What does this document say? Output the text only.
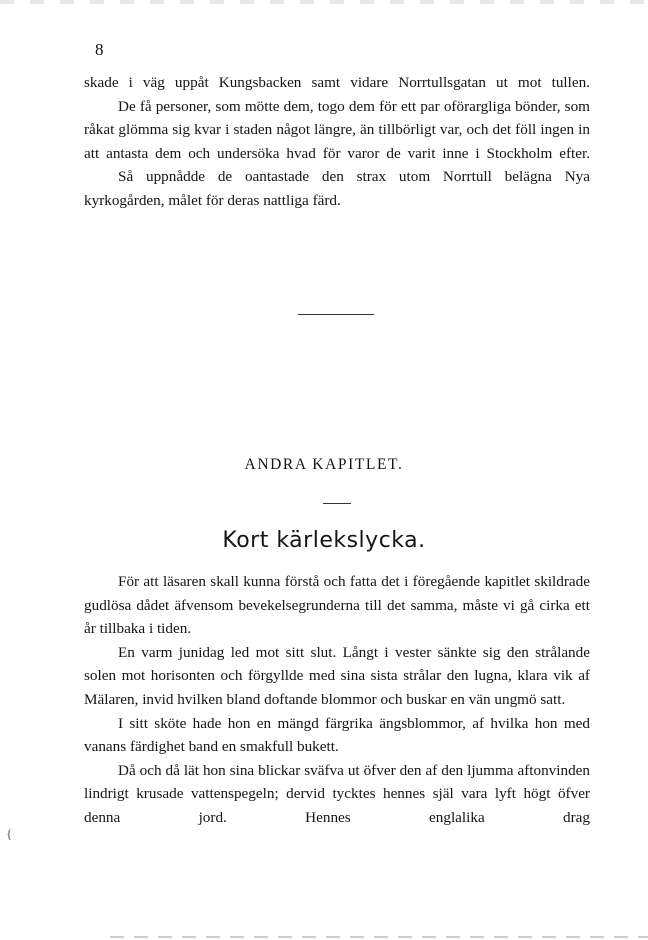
8

skade i väg uppåt Kungsbacken samt vidare Norrtullsgatan ut mot tullen.

De få personer, som mötte dem, togo dem för ett par oförargliga bönder, som råkat glömma sig kvar i staden något längre, än tillbörligt var, och det föll ingen in att antasta dem och undersöka hvad för varor de varit inne i Stockholm efter.

Så uppnådde de oantastade den strax utom Norrtull belägna Nya kyrkogården, målet för deras nattliga färd.

ANDRA KAPITLET.
Kort kärlekslycka.

För att läsaren skall kunna förstå och fatta det i föregående kapitlet skildrade gudlösa dådet äfvensom bevekelsegrunderna till det samma, måste vi gå cirka ett år tillbaka i tiden.

En varm junidag led mot sitt slut. Långt i vester sänkte sig den strålande solen mot horisonten och förgyllde med sina sista strålar den lugna, klara vik af Mälaren, invid hvilken bland doftande blommor och buskar en vän ungmö satt.

I sitt sköte hade hon en mängd färgrika ängsblommor, af hvilka hon med vanans färdighet band en smakfull bukett.

Då och då lät hon sina blickar sväfva ut öfver den af den ljumma aftonvinden lindrigt krusade vattenspegeln; dervid tycktes hennes själ vara lyft högt öfver denna jord. Hennes englalika drag

{
